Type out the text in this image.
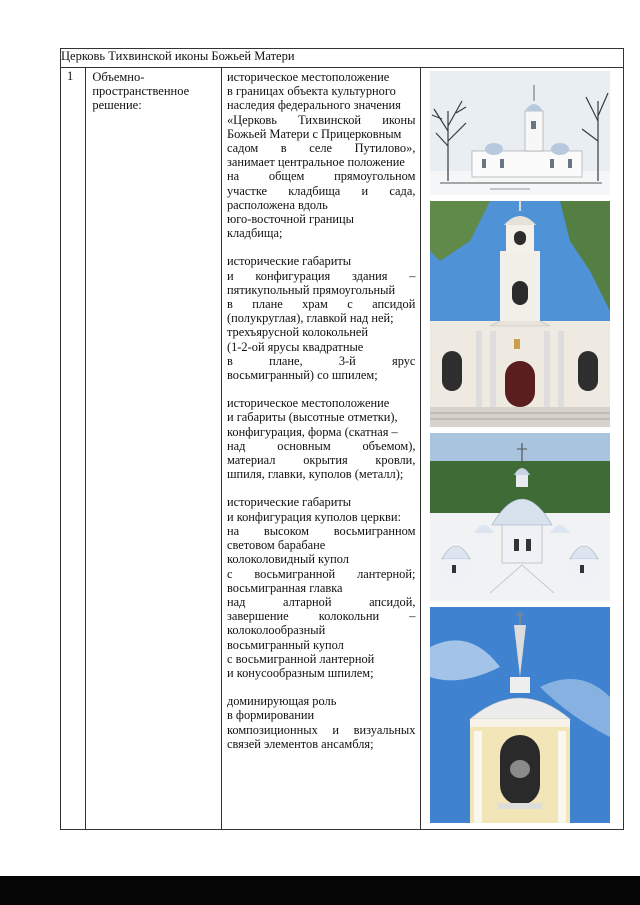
Церковь Тихвинской иконы Божьей Матери
1	Объемно-
пространственное
решение:

историческое местоположение
в границах объекта культурного
наследия федерального значения
«Церковь Тихвинской иконы
Божьей Матери с Прицерковным
садом в селе Путилово»,
занимает центральное положение
на общем прямоугольном
участке кладбища и сада,
расположена вдоль
юго-восточной границы
кладбища;
исторические габариты
и конфигурация здания –
пятикупольный прямоугольный
в плане храм с апсидой
(полукруглая), главкой над ней;
трехъярусной колокольней
(1-2-ой ярусы квадратные
в	плане,	3-й	ярус
восьмигранный) со шпилем;
историческое местоположение
и габариты (высотные отметки),
конфигурация, форма (скатная –
над	основным	объемом),
материал окрытия кровли,
шпиля, главки, куполов (металл);
исторические габариты
и конфигурация куполов церкви:
на высоком восьмигранном
световом барабане
колоколовидный купол
с восьмигранной лантерной;
восьмигранная главка
над	алтарной	апсидой,
завершение колокольни –
колоколообразный
восьмигранный купол
с восьмигранной лантерной
и конусообразным шпилем;
доминирующая роль
в формировании
композиционных и визуальных
связей элементов ансамбля;
